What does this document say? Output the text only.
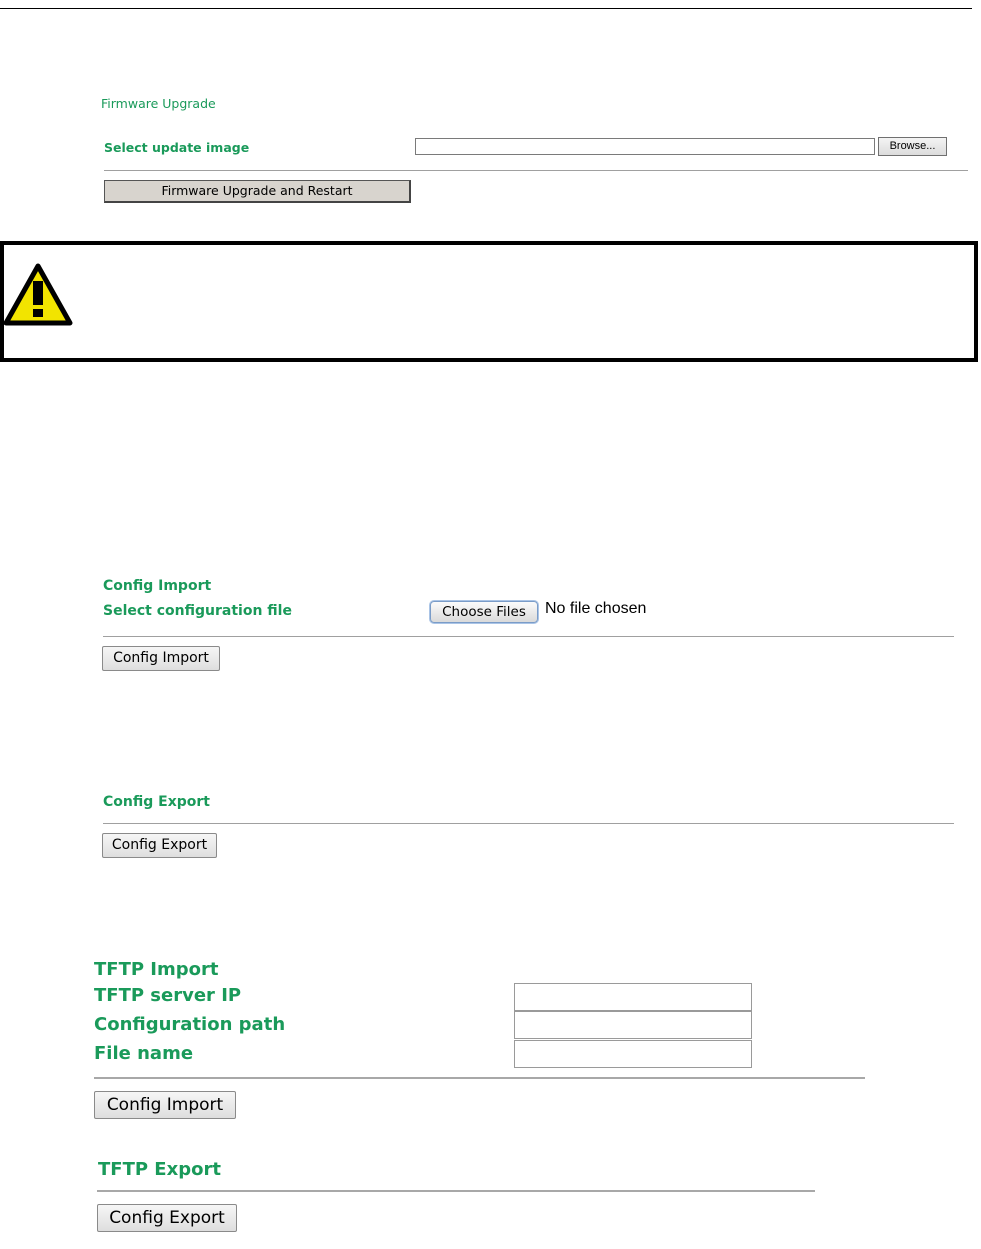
Firmware Upgrade
Select update image	Browse...
Firmware Upgrade and Restart
Config Import
Select configuration file	Choose Files	No file chosen
Config Import
Config Export
Config Export
TFTP Import
TFTP server IP
Configuration path
File name
Config Import
TFTP Export
Config Export
